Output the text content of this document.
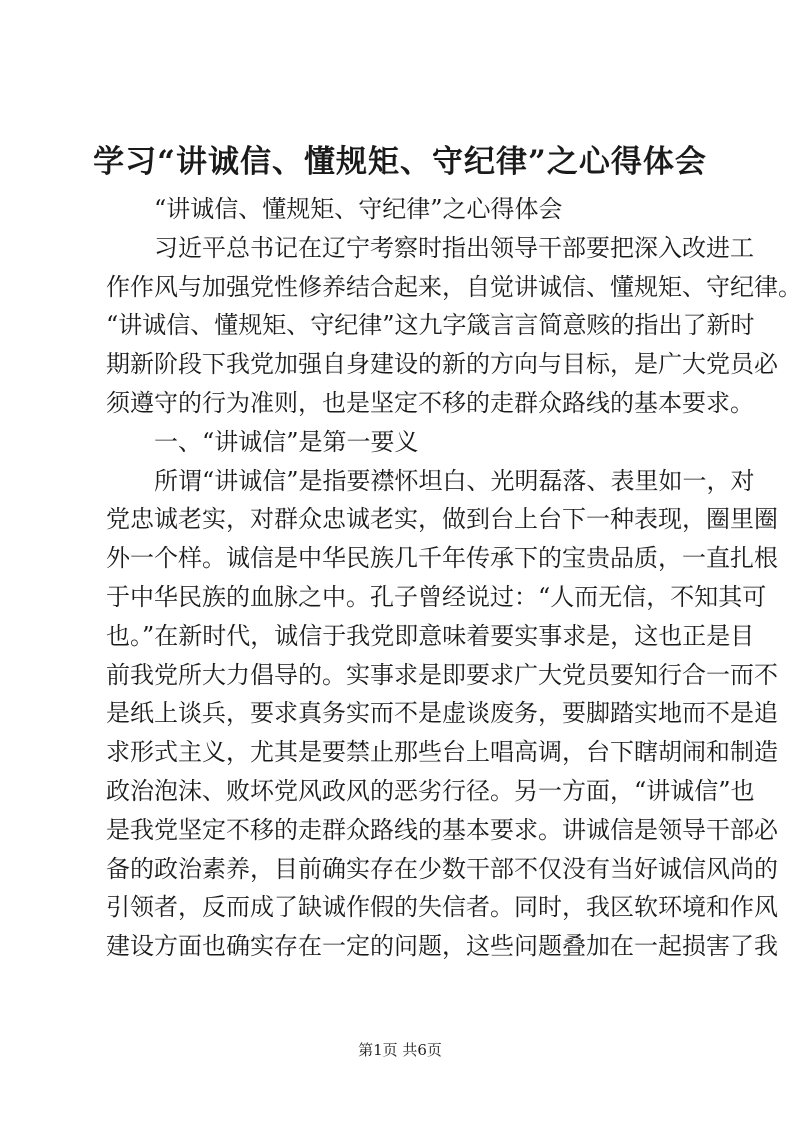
学习“讲诚信、懂规矩、守纪律”之心得体会
“讲诚信、懂规矩、守纪律”之心得体会
习近平总书记在辽宁考察时指出领导干部要把深入改进工
作作风与加强党性修养结合起来，自觉讲诚信、懂规矩、守纪律。
“讲诚信、懂规矩、守纪律”这九字箴言言简意赅的指出了新时
期新阶段下我党加强自身建设的新的方向与目标，是广大党员必
须遵守的行为准则，也是坚定不移的走群众路线的基本要求。
一、“讲诚信”是第一要义
所谓“讲诚信”是指要襟怀坦白、光明磊落、表里如一，对
党忠诚老实，对群众忠诚老实，做到台上台下一种表现，圈里圈
外一个样。诚信是中华民族几千年传承下的宝贵品质，一直扎根
于中华民族的血脉之中。孔子曾经说过：“人而无信，不知其可
也。”在新时代，诚信于我党即意味着要实事求是，这也正是目
前我党所大力倡导的。实事求是即要求广大党员要知行合一而不
是纸上谈兵，要求真务实而不是虚谈废务，要脚踏实地而不是追
求形式主义，尤其是要禁止那些台上唱高调，台下瞎胡闹和制造
政治泡沫、败坏党风政风的恶劣行径。另一方面，“讲诚信”也
是我党坚定不移的走群众路线的基本要求。讲诚信是领导干部必
备的政治素养，目前确实存在少数干部不仅没有当好诚信风尚的
引领者，反而成了缺诚作假的失信者。同时，我区软环境和作风
建设方面也确实存在一定的问题，这些问题叠加在一起损害了我
第1页 共6页
